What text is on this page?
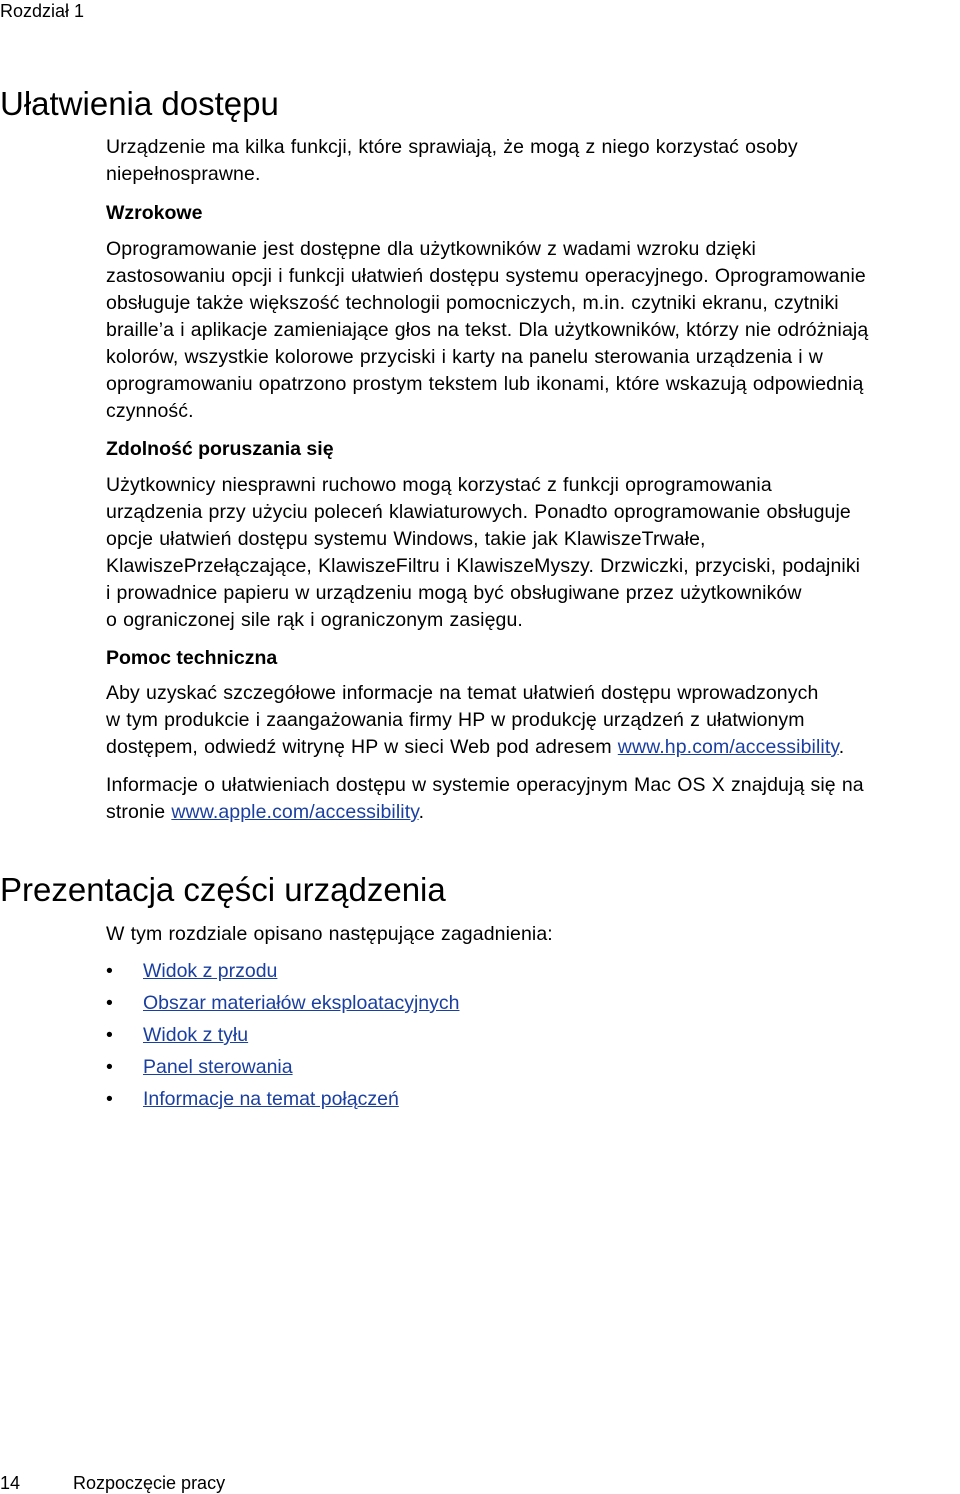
Rozdział 1
Ułatwienia dostępu

Urządzenie ma kilka funkcji, które sprawiają, że mogą z niego korzystać osoby
niepełnosprawne.

Wzrokowe

Oprogramowanie jest dostępne dla użytkowników z wadami wzroku dzięki
zastosowaniu opcji i funkcji ułatwień dostępu systemu operacyjnego. Oprogramowanie
obsługuje także większość technologii pomocniczych, m.in. czytniki ekranu, czytniki
braille’a i aplikacje zamieniające głos na tekst. Dla użytkowników, którzy nie odróżniają
kolorów, wszystkie kolorowe przyciski i karty na panelu sterowania urządzenia i w
oprogramowaniu opatrzono prostym tekstem lub ikonami, które wskazują odpowiednią
czynność.

Zdolność poruszania się

Użytkownicy niesprawni ruchowo mogą korzystać z funkcji oprogramowania
urządzenia przy użyciu poleceń klawiaturowych. Ponadto oprogramowanie obsługuje
opcje ułatwień dostępu systemu Windows, takie jak KlawiszeTrwałe,
KlawiszePrzełączające, KlawiszeFiltru i KlawiszeMyszy. Drzwiczki, przyciski, podajniki
i prowadnice papieru w urządzeniu mogą być obsługiwane przez użytkowników
o ograniczonej sile rąk i ograniczonym zasięgu.

Pomoc techniczna

Aby uzyskać szczegółowe informacje na temat ułatwień dostępu wprowadzonych
w tym produkcie i zaangażowania firmy HP w produkcję urządzeń z ułatwionym
dostępem, odwiedź witrynę HP w sieci Web pod adresem www.hp.com/accessibility.

Informacje o ułatwieniach dostępu w systemie operacyjnym Mac OS X znajdują się na
stronie www.apple.com/accessibility.

Prezentacja części urządzenia

W tym rozdziale opisano następujące zagadnienia:

• Widok z przodu
• Obszar materiałów eksploatacyjnych
• Widok z tyłu
• Panel sterowania
• Informacje na temat połączeń
14	Rozpoczęcie pracy
